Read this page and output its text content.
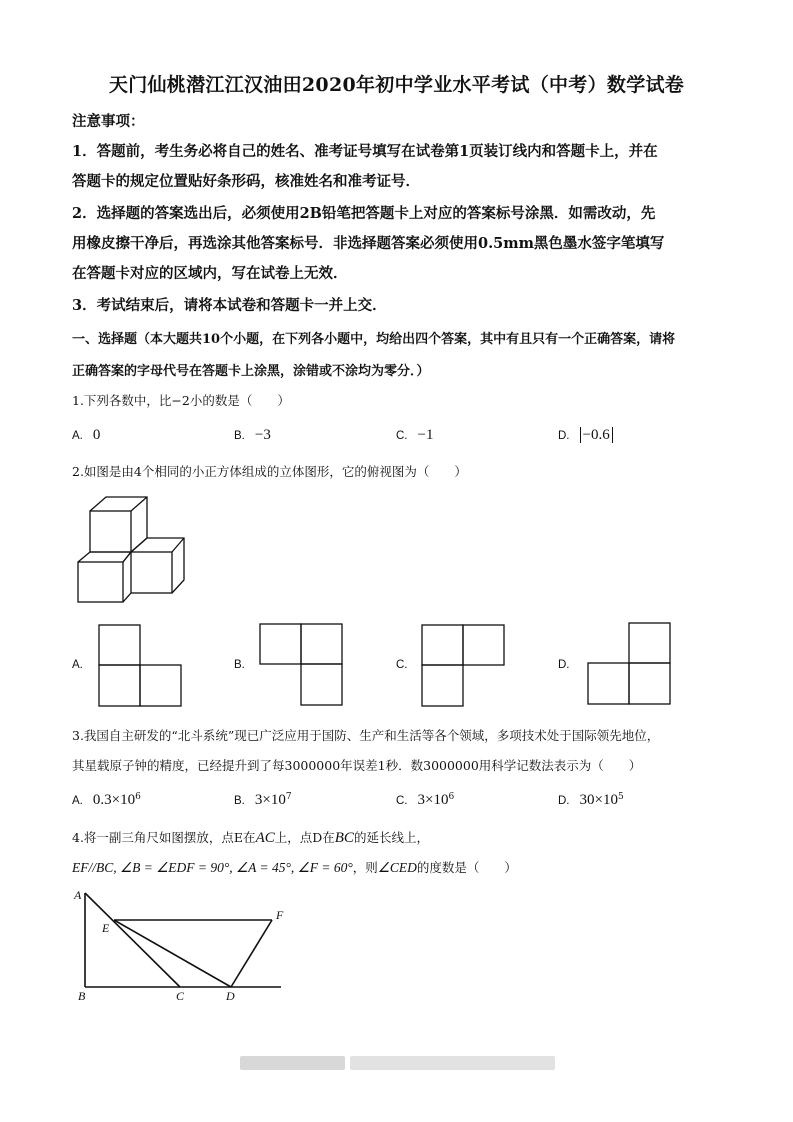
天门仙桃潜江江汉油田2020年初中学业水平考试（中考）数学试卷
注意事项：
1．答题前，考生务必将自己的姓名、准考证号填写在试卷第1页装订线内和答题卡上，并在
答题卡的规定位置贴好条形码，核准姓名和准考证号．
2．选择题的答案选出后，必须使用2B铅笔把答题卡上对应的答案标号涂黑．如需改动，先
用橡皮擦干净后，再选涂其他答案标号．非选择题答案必须使用0.5mm黑色墨水签字笔填写
在答题卡对应的区域内，写在试卷上无效．
3．考试结束后，请将本试卷和答题卡一并上交．
一、选择题（本大题共10个小题，在下列各小题中，均给出四个答案，其中有且只有一个正确答案，请将
正确答案的字母代号在答题卡上涂黑，涂错或不涂均为零分．）
1.下列各数中，比−2小的数是（　　）
A. 0	B. −3	C. −1	D. −0.6
2.如图是由4个相同的小正方体组成的立体图形，它的俯视图为（　　）
A.	B.	C.	D.
3.我国自主研发的“北斗系统”现已广泛应用于国防、生产和生活等各个领域，多项技术处于国际领先地位，
其星载原子钟的精度，已经提升到了每3000000年误差1秒．数3000000用科学记数法表示为（　　）
A. $0.3\times 10^6$	B. $3\times 10^7$	C. $3\times 10^6$	D. $30\times 10^5$
4.将一副三角尺如图摆放，点E在AC上，点D在BC的延长线上，
EF//BC, ∠B = ∠EDF = 90°, ∠A = 45°, ∠F = 60°，则∠CED的度数是（　　）
A
B	C	D
E
F
